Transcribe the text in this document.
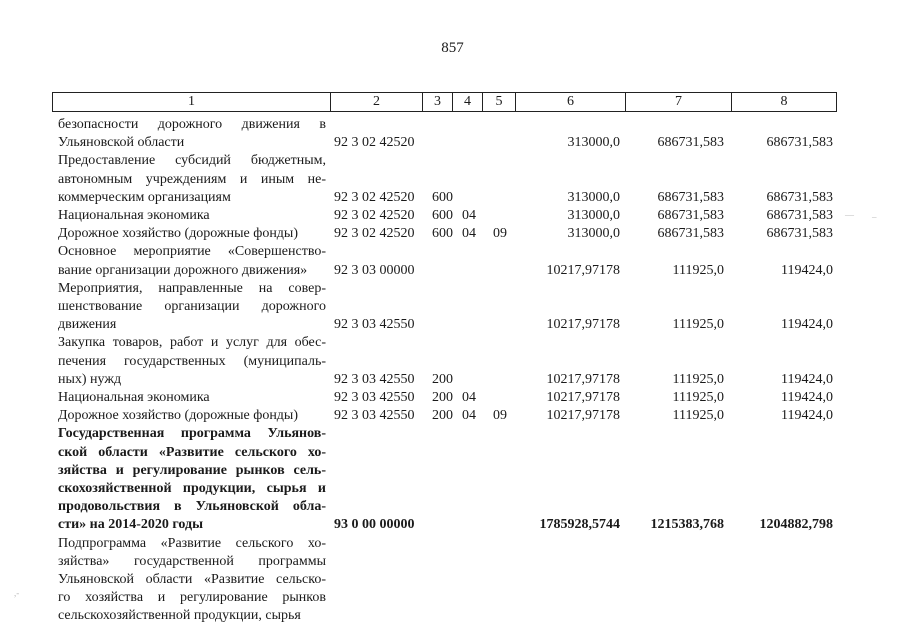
857
1	2	3	4	5	6	7	8
безопасности дорожного движения в
Ульяновской области	92 3 02 42520	313000,0	686731,583	686731,583
Предоставление субсидий бюджетным,
автономным учреждениям и иным не-
коммерческим организациям	92 3 02 42520 600	313000,0	686731,583	686731,583
Национальная экономика	92 3 02 42520 600 04	313000,0	686731,583	686731,583
Дорожное хозяйство (дорожные фонды)	92 3 02 42520 600 04 09	313000,0	686731,583	686731,583
Основное мероприятие «Совершенство-
вание организации дорожного движения»	92 3 03 00000	10217,97178	111925,0	119424,0
Мероприятия, направленные на совер-
шенствование организации дорожного
движения	92 3 03 42550	10217,97178	111925,0	119424,0
Закупка товаров, работ и услуг для обес-
печения государственных (муниципаль-
ных) нужд	92 3 03 42550 200	10217,97178	111925,0	119424,0
Национальная экономика	92 3 03 42550 200 04	10217,97178	111925,0	119424,0
Дорожное хозяйство (дорожные фонды)	92 3 03 42550 200 04 09	10217,97178	111925,0	119424,0
Государственная программа Ульянов-
ской области «Развитие сельского хо-
зяйства и регулирование рынков сель-
скохозяйственной продукции, сырья и
продовольствия в Ульяновской обла-
сти» на 2014-2020 годы	93 0 00 00000	1785928,5744 1215383,768	1204882,798
Подпрограмма «Развитие сельского хо-
зяйства» государственной программы
Ульяновской области «Развитие сельско-
го хозяйства и регулирование рынков
сельскохозяйственной продукции, сырья
— –
,-
